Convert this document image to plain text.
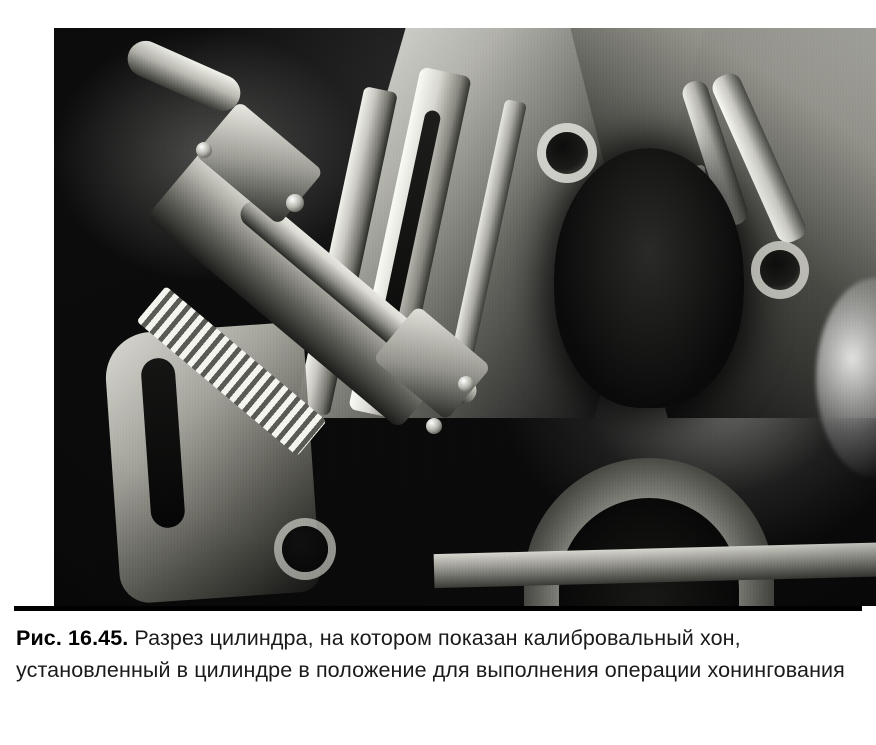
Рис. 16.45. Разрез цилиндра, на котором показан калибровальный хон, установленный в цилиндре в положение для выполнения операции хонингования
